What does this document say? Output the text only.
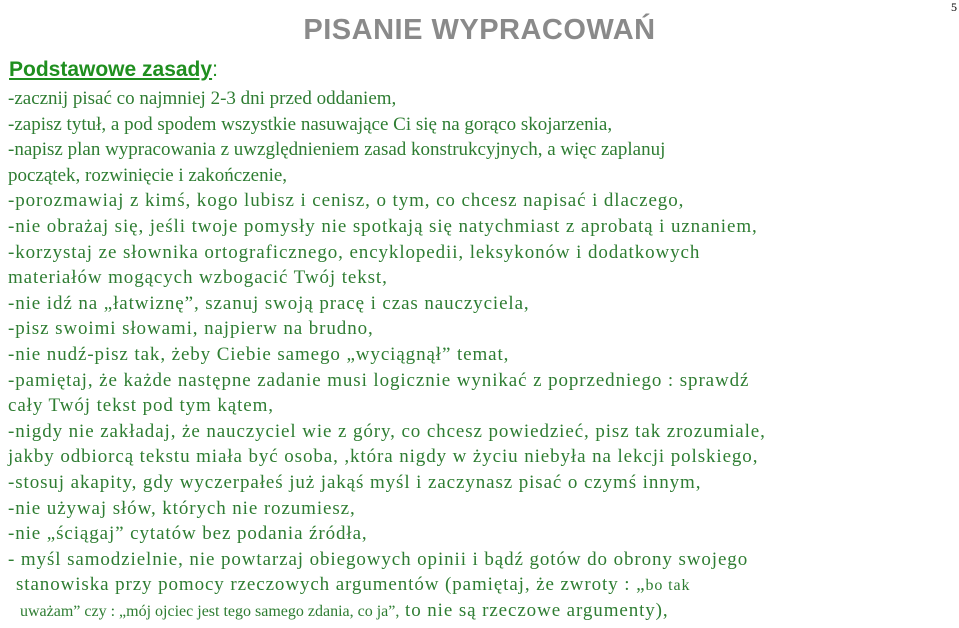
5
PISANIE WYPRACOWAŃ
Podstawowe zasady:
-zacznij pisać co najmniej 2-3 dni przed oddaniem,
-zapisz tytuł, a pod spodem wszystkie nasuwające Ci się na gorąco skojarzenia,
-napisz plan wypracowania z uwzględnieniem zasad konstrukcyjnych, a więc zaplanuj
początek, rozwinięcie i zakończenie,
-porozmawiaj z kimś, kogo lubisz i cenisz, o tym, co chcesz napisać i dlaczego,
-nie obrażaj się, jeśli twoje pomysły nie spotkają się natychmiast z aprobatą i uznaniem,
-korzystaj ze słownika ortograficznego, encyklopedii, leksykonów i dodatkowych
materiałów mogących wzbogacić Twój tekst,
-nie idź na „łatwiznę”, szanuj swoją pracę i czas nauczyciela,
-pisz swoimi słowami, najpierw na brudno,
-nie nudź-pisz tak, żeby Ciebie samego „wyciągnął” temat,
-pamiętaj, że każde następne zadanie musi logicznie wynikać z poprzedniego : sprawdź
cały Twój tekst pod tym kątem,
-nigdy nie zakładaj, że nauczyciel wie z góry, co chcesz powiedzieć, pisz tak zrozumiale,
jakby odbiorcą tekstu miała być osoba, ,która nigdy w życiu niebyła na lekcji polskiego,
-stosuj akapity, gdy wyczerpałeś już jakąś myśl i zaczynasz pisać o czymś innym,
-nie używaj słów, których nie rozumiesz,
-nie „ściągaj” cytatów bez podania źródła,
- myśl samodzielnie, nie powtarzaj obiegowych opinii i bądź gotów do obrony swojego
stanowiska przy pomocy rzeczowych argumentów (pamiętaj, że zwroty : „bo tak
uważam” czy : „mój ojciec jest tego samego zdania, co ja”, to nie są rzeczowe argumenty),
